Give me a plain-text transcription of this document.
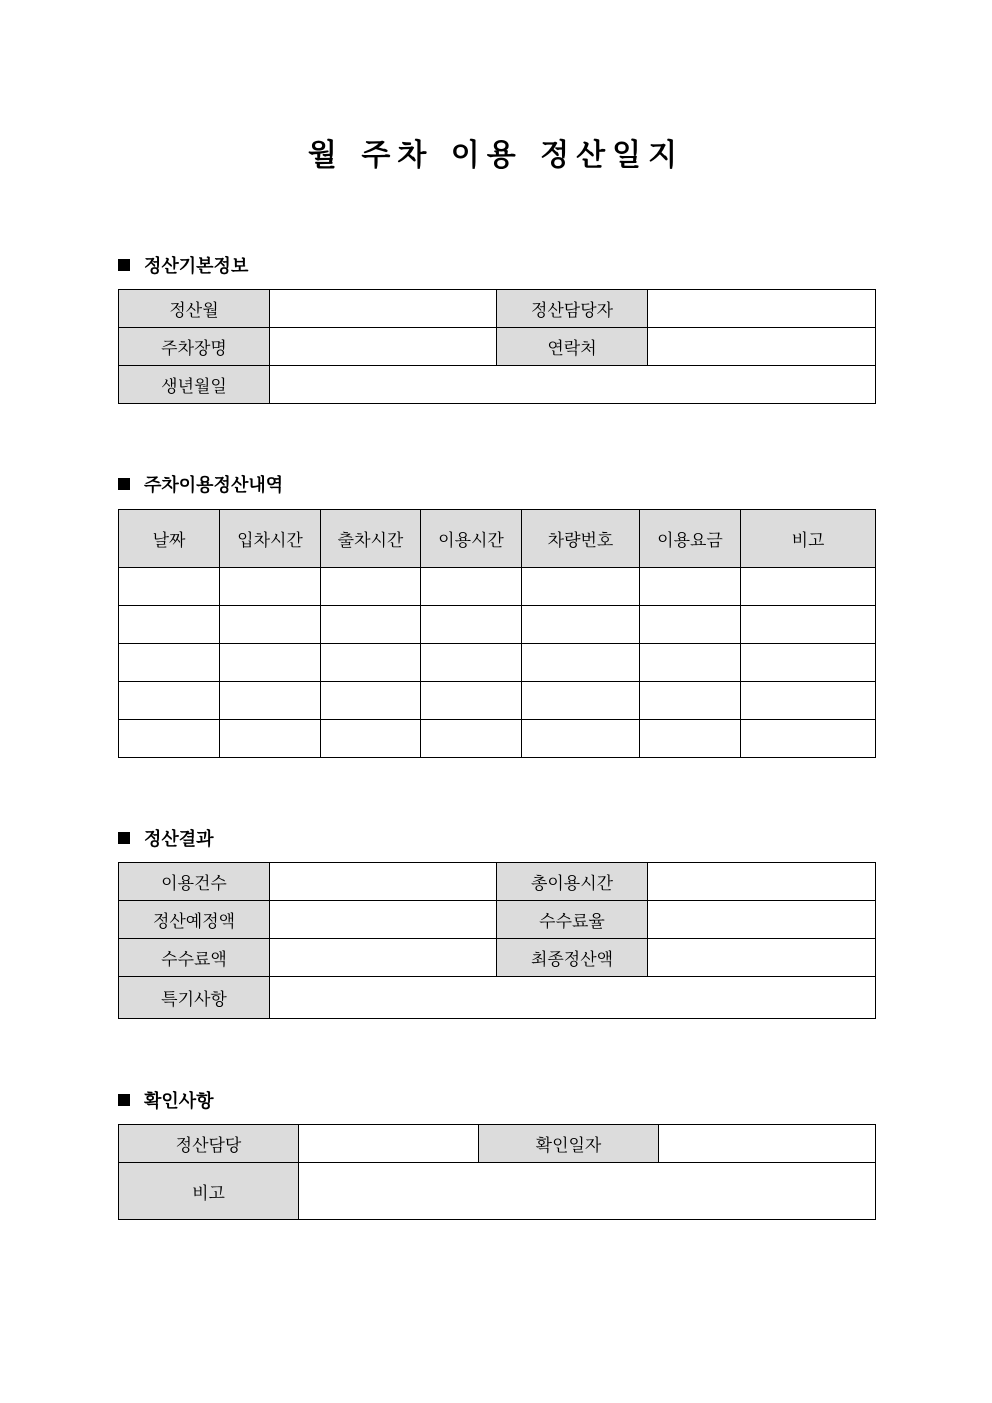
월 주차 이용 정산일지
정산기본정보
정산월		정산담당자	
주차장명		연락처	
생년월일			
주차이용정산내역
날짜	입차시간	출차시간	이용시간	차량번호	이용요금	비고

정산결과
이용건수		총이용시간	
정산예정액		수수료율	
수수료액		최종정산액	
특기사항			
확인사항
정산담당		확인일자	
비고			
